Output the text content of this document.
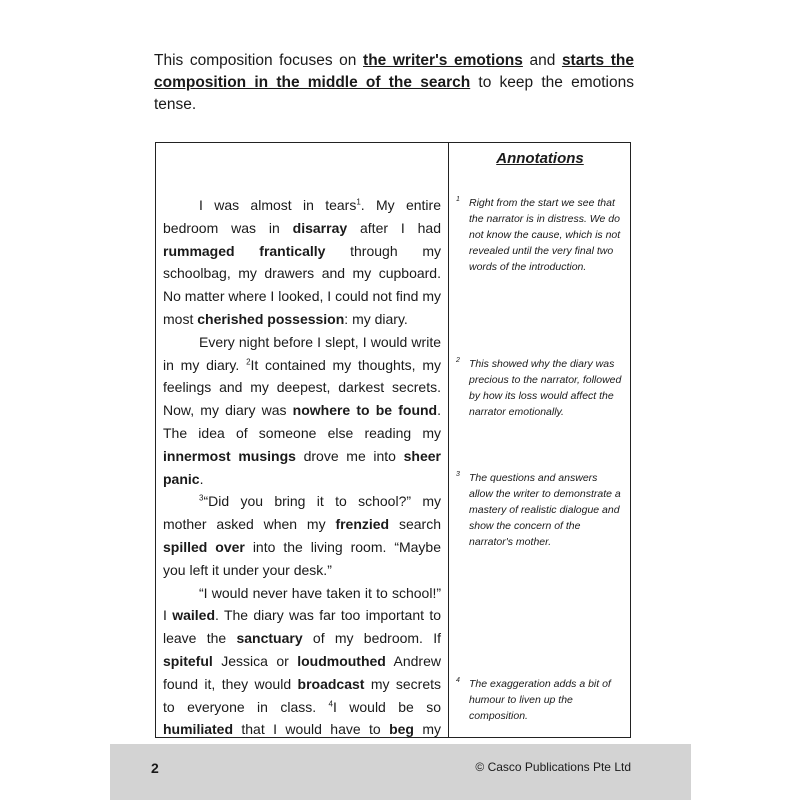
This composition focuses on the writer's emotions and starts the composition in the middle of the search to keep the emotions tense.

I was almost in tears$^1$. My entire bedroom was in disarray after I had rummaged frantically through my schoolbag, my drawers and my cupboard. No matter where I looked, I could not find my most cherished possession: my diary.

Every night before I slept, I would write in my diary. $^2$It contained my thoughts, my feelings and my deepest, darkest secrets. Now, my diary was nowhere to be found. The idea of someone else reading my innermost musings drove me into sheer panic.

$^3$“Did you bring it to school?” my mother asked when my frenzied search spilled over into the living room. “Maybe you left it under your desk.”

“I would never have taken it to school!” I wailed. The diary was far too important to leave the sanctuary of my bedroom. If spiteful Jessica or loudmouthed Andrew found it, they would broadcast my secrets to everyone in class. $^4$I would be so humiliated that I would have to beg my

Annotations
1 Right from the start we see that the narrator is in distress. We do not know the cause, which is not revealed until the very final two words of the introduction.
2 This showed why the diary was precious to the narrator, followed by how its loss would affect the narrator emotionally.
3 The questions and answers allow the writer to demonstrate a mastery of realistic dialogue and show the concern of the narrator's mother.
4 The exaggeration adds a bit of humour to liven up the composition.
2	© Casco Publications Pte Ltd
